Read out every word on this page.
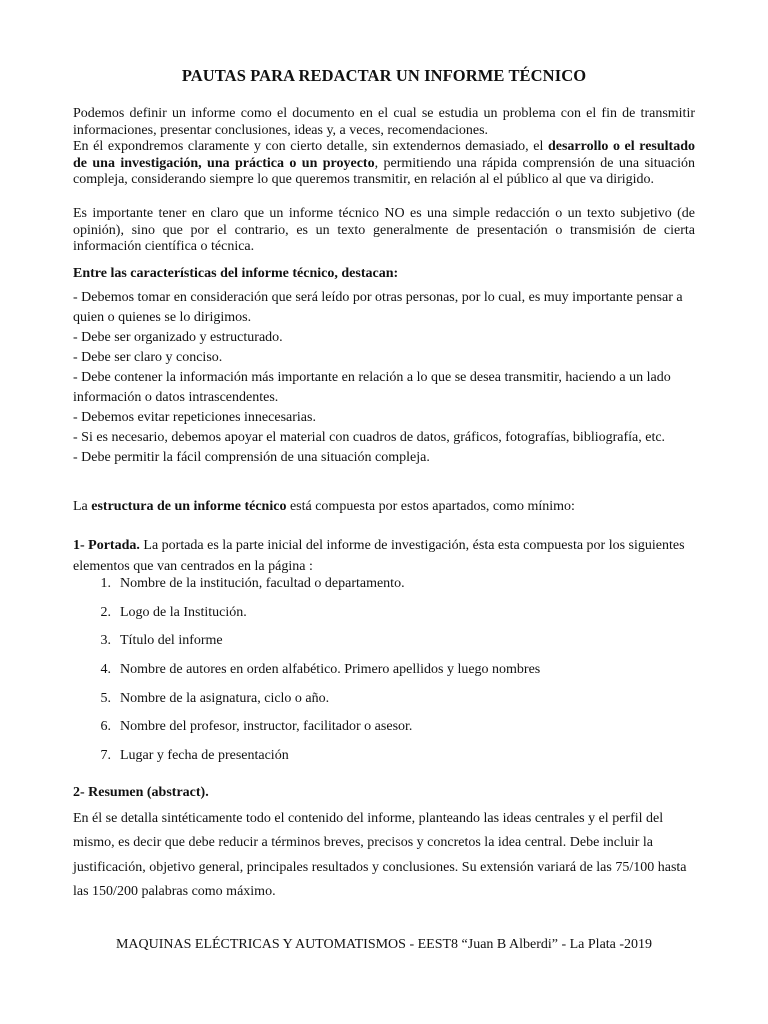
PAUTAS PARA REDACTAR UN INFORME TÉCNICO
Podemos definir un informe como el documento en el cual se estudia un problema con el fin de transmitir informaciones, presentar conclusiones, ideas y, a veces, recomendaciones.
En él expondremos claramente y con cierto detalle, sin extendernos demasiado, el desarrollo o el resultado de una investigación, una práctica o un proyecto, permitiendo una rápida comprensión de una situación compleja, considerando siempre lo que queremos transmitir, en relación al el público al que va dirigido.
Es importante tener en claro que un informe técnico NO es una simple redacción o un texto subjetivo (de opinión), sino que por el contrario, es un texto generalmente de presentación o transmisión de cierta información científica o técnica.
Entre las características del informe técnico, destacan:
- Debemos tomar en consideración que será leído por otras personas, por lo cual, es muy importante pensar a quien o quienes se lo dirigimos.
- Debe ser organizado y estructurado.
- Debe ser claro y conciso.
- Debe contener la información más importante en relación a lo que se desea transmitir, haciendo a un lado información o datos intrascendentes.
- Debemos evitar repeticiones innecesarias.
- Si es necesario, debemos apoyar el material con cuadros de datos, gráficos, fotografías, bibliografía, etc.
- Debe permitir la fácil comprensión de una situación compleja.
La estructura de un informe técnico está compuesta por estos apartados, como mínimo:
1- Portada. La portada es la parte inicial del informe de investigación, ésta esta compuesta por los siguientes elementos que van centrados en la página :
1. Nombre de la institución, facultad o departamento.
2. Logo de la Institución.
3. Título del informe
4. Nombre de autores en orden alfabético. Primero apellidos y luego nombres
5. Nombre de la asignatura, ciclo o año.
6. Nombre del profesor, instructor, facilitador o asesor.
7. Lugar y fecha de presentación
2- Resumen (abstract).
En él se detalla sintéticamente todo el contenido del informe, planteando las ideas centrales y el perfil del mismo, es decir que debe reducir a términos breves, precisos y concretos la idea central. Debe incluir la justificación, objetivo general, principales resultados y conclusiones. Su extensión variará de las 75/100 hasta las 150/200 palabras como máximo.
MAQUINAS ELÉCTRICAS Y AUTOMATISMOS - EEST8 “Juan B Alberdi” - La Plata -2019
